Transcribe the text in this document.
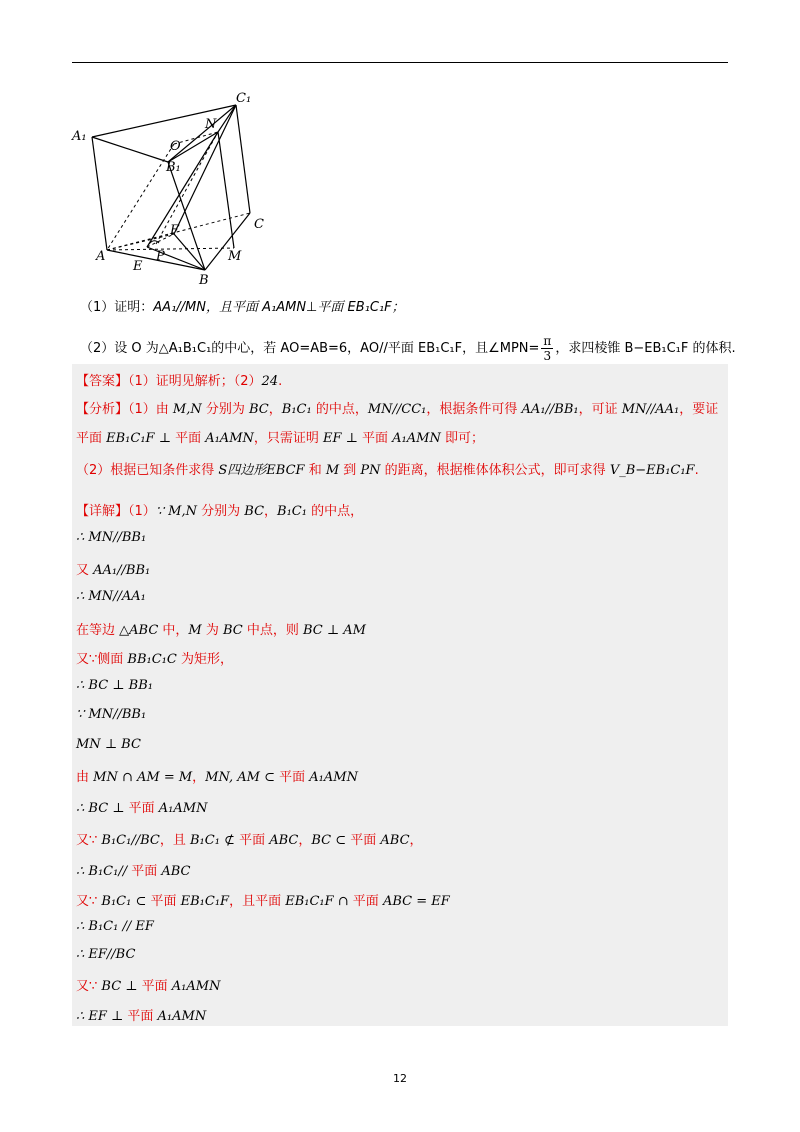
A₁
C₁
N
O
B₁
C
F
A	P	M
E
B
（1）证明：AA₁//MN，且平面 A₁AMN⊥平面 EB₁C₁F；
（2）设 O 为△A₁B₁C₁的中心，若 AO=AB=6，AO//平面 EB₁C₁F，且∠MPN= $\frac{\pi}{3}$ ，求四棱锥 B−EB₁C₁F 的体积.
【答案】（1）证明见解析；（2）24.
【分析】（1）由 M,N 分别为 BC，B₁C₁ 的中点，MN//CC₁，根据条件可得 AA₁//BB₁，可证 MN//AA₁，要证
平面 EB₁C₁F ⊥ 平面 A₁AMN，只需证明 EF ⊥ 平面 A₁AMN 即可；
（2）根据已知条件求得 S四边形EBCF 和 M 到 PN 的距离，根据椎体体积公式，即可求得 V_B−EB₁C₁F.
【详解】（1）∵ M,N 分别为 BC，B₁C₁ 的中点，
∴ MN//BB₁
又 AA₁//BB₁
∴ MN//AA₁
在等边 △ABC 中，M 为 BC 中点，则 BC ⊥ AM
又∵侧面 BB₁C₁C 为矩形，
∴ BC ⊥ BB₁
∵ MN//BB₁
MN ⊥ BC
由 MN ∩ AM = M，MN, AM ⊂ 平面 A₁AMN
∴ BC ⊥ 平面 A₁AMN
又∵ B₁C₁//BC，且 B₁C₁ ⊄ 平面 ABC，BC ⊂ 平面 ABC，
∴ B₁C₁// 平面 ABC
又∵ B₁C₁ ⊂ 平面 EB₁C₁F，且平面 EB₁C₁F ∩ 平面 ABC = EF
∴ B₁C₁ // EF
∴ EF//BC
又∵ BC ⊥ 平面 A₁AMN
∴ EF ⊥ 平面 A₁AMN
12
